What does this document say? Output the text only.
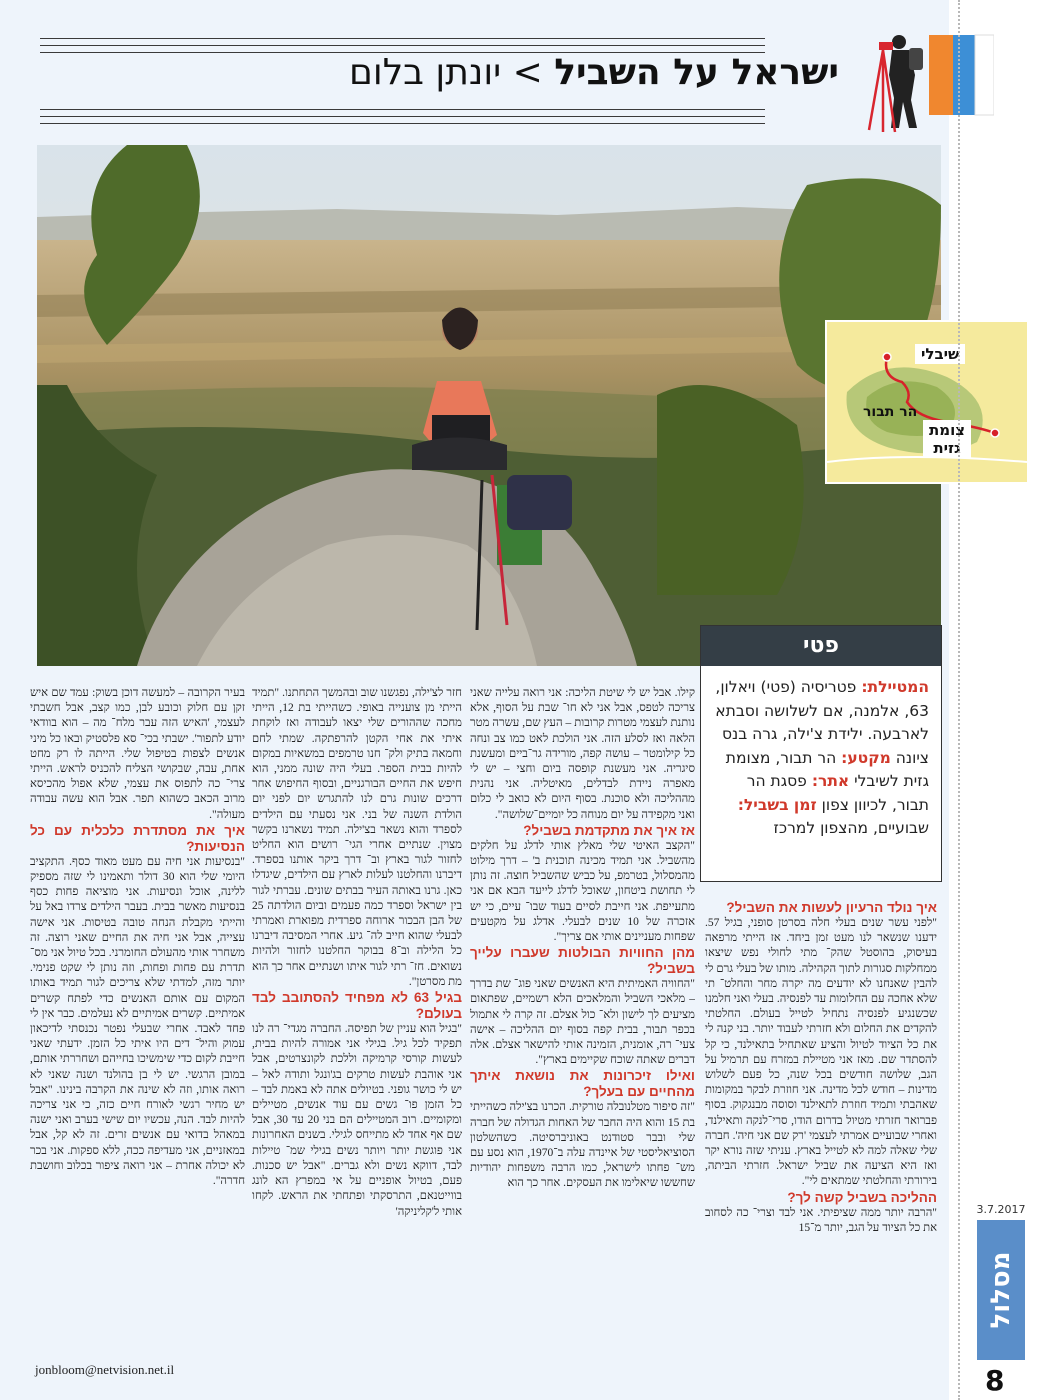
ישראל על השביל > יונתן בלום
שיבלי
הר תבור
צומת
גזית
פטי
המטיילת: פטריסיה (פטי) ויאלון, 63, אלמנה, אם לשלושה וסבתא לארבעה. ילידת צ'ילה, גרה בנס ציונה מקטע: הר תבור, מצומת גזית לשיבלי אתר: פסגת הר תבור, לכיוון צפון זמן בשביל: שבועיים, מהצפון למרכז
איך נולד הרעיון לעשות את השביל?

"לפני עשר שנים בעלי חלה בסרטן סופני, בגיל 57. ידענו שנשאר לנו מעט זמן ביחד. אז הייתי מרפאה בעיסוק, בהוסטל שהק־ מתי לחולי נפש שיצאו ממחלקות סגורות לתוך הקהילה. מותו של בעלי גרם לי להבין שאנחנו לא יודעים מה יקרה מחר והחלט־ תי שלא אחכה עם החלומות עד לפנסיה. בעלי ואני חלמנו שכשנגיע לפנסיה נתחיל לטייל בעולם. החלטתי להקדים את החלום ולא חזרתי לעבוד יותר. בני קנה לי את כל הציוד לטיול והציע שאתחיל בתאילנד, כי קל להסתדר שם. מאז אני מטיילת במזרח עם תרמיל על הגב, שלושה חודשים בכל שנה, כל פעם לשלוש מדינות – חודש לכל מדינה. אני חוזרת לבקר במקומות שאהבתי ותמיד חוזרת לתאילנד וסוסה מבנגקוק. בסוף פברואר חזרתי מטיול בדרום הודו, סרי־לנקה ותאילנד, ואחרי שבועיים אמרתי לעצמי 'רק שם אני חיה'. חברה שלי שאלה למה לא לטייל בארץ. עניתי שזה נורא יקר ואז היא הציעה את שביל ישראל. חזרתי הביתה, בירורתי והחלטתי שמתאים לי".

ההליכה בשביל קשה לך?

"הרבה יותר ממה שציפיתי. אני לבד וצרי־ כה לסחוב את כל הציוד על הגב, יותר מ־15

קילו. אבל יש לי שיטת הליכה: אני רואה עלייה שאני צריכה לטפס, אבל אני לא חו־ שבת על הסוף, אלא נותנת לעצמי מטרות קרובות – העץ שם, עשרה מטר הלאה ואז לסלע הזה. אני הולכת לאט כמו צב ונחה כל קילומטר – עושה קפה, מורידה גר־ביים ומעשנת סיגריה. אני מעשנת קופסה ביום וחצי – יש לי מאפרה ניידת לבדלים, מאיטליה. אני נהנית מההליכה ולא סוכנת. בסוף היום לא כואב לי כלום ואני מקפידה על יום מנוחה כל יומיים־שלושה".

אז איך את מתקדמת בשביל?

"הקצב האיטי שלי מאלץ אותי לדלג על חלקים מהשביל. אני תמיד מכינה תוכנית ב' – דרך מילוט מהמסלול, בטרמפ, על כביש שהשביל חוצה. זה נותן לי תחושת ביטחון, שאוכל לדלג לייעד הבא אם אני מתעייפת. אני חייבת לסיים בעוד שבו־ עיים, כי יש אזכרה של 10 שנים לבעלי. אדלג על מקטעים שפחות מעניינים אותי אם צריך".

מהן החוויות הבולטות שעברו עלייך בשביל?

"החוויה האמיתית היא האנשים שאני פוג־ שת בדרך – מלאכי השביל והמלאכים הלא רשמיים, שפתאום מציעים לך לישון ולא־ כול אצלם. זה קרה לי אתמול בכפר תבור, בבית קפה בסוף יום ההליכה – אישה צעי־ רה, אומנית, הזמינה אותי להישאר אצלם. אלה דברים שאתה שוכח שקיימים בארץ".

ואילו זיכרונות את נושאת איתך מהחיים עם בעלך?

"זה סיפור מטלנובלה טורקית. הכרנו בצ'ילה כשהייתי בת 15 והוא היה החבר של האחות הגדולה של חברה שלי ובבר סטודנט באוניברסיטה. כשהשלטון הסוציאליסטי של איינדה עלה ב־1970, הוא נסע עם מש־ פחתו לישראל, כמו הרבה משפחות יהודיות שחששו שיאלימו את העסקים. אחר כך הוא

חזר לצ'ילה, נפגשנו שוב ובהמשך התחתנו. "תמיד הייתי מן צוענייה באופי. כשהייתי בת 12, הייתי מחכה שההורים שלי יצאו לעבודה ואז לוקחת איתי את אחי הקטן להרפתקה. שמתי לחם וחמאה בתיק ולק־ חנו טרמפים במשאיות במקום להיות בבית הספר. בעלי היה שונה ממני, הוא חיפש את החיים הבורגניים, ובסוף החיפוש אחר דרכים שונות גרם לנו להתגרש יום לפני יום הולדת השנה של בני. אני נסעתי עם הילדים לספרד והוא נשאר בצ'ילה. תמיד נשארנו בקשר מצוין. שנתיים אחרי הגי־ רושים הוא החליט לחזור לגור בארץ וב־ דרך ביקר אותנו בספרד. דיברנו והחלטנו לעלות לארץ עם הילדים, שיגדלו כאן. גרנו באותה העיר בבתים שונים. עברתי לגור בין ישראל וספרד כמה פעמים וביום הולדתה 25 של הבן הבכור ארוחה ספרדית מפוארת ואמרתי לבעלי שהוא חייב לה־ גיע. אחרי המסיבה דיברנו כל הלילה וב־8 בבוקר החלטנו לחזור ולהיות נשואים. חז־ רתי לגור איתו ושנתיים אחר כך הוא מת מסרטן".

בגיל 63 לא מפחיד להסתובב לבד בעולם?

"בגיל הוא עניין של תפיסה. החברה מגדי־ רה לנו תפקיד לכל גיל. בגילי אני אמורה להיות בבית, לעשות קורסי קרמיקה וללכת לקונצרטים, אבל אני אוהבת לעשות טרקים בג'ונגל ותודה לאל – יש לי כושר גופני. בטיולים אתה לא באמת לבד – כל הזמן פו־ גשים עם עוד אנשים, מטיילים ומקומיים. רוב המטיילים הם בני 20 עד 30, אבל שם אף אחד לא מתייחס לגילי. בשנים האחרונות אני פוגשת יותר ויותר נשים בגילי שמ־ טיילות לבד, דווקא נשים ולא גברים. "אבל יש סכנות. פעם, בטיול אופניים על אי במפרץ הא לונג בווייטנאם, התרסקתי ופתחתי את הראש. לקחו אותי ל'קליניקה'

בעיר הקרובה – למעשה דוכן בשוק: עמד שם איש זקן עם חלוק וכובע לבן, כמו קצב, אבל חשבתי לעצמי, 'האיש הזה עבר מלח־ מה – הוא בוודאי יודע לתפור'. ישבתי בכי־ סא פלסטיק ובאו כל מיני אנשים לצפות בטיפול שלי. הייתה לו רק מחט אחת, עבה, שבקושי הצליח להכניס לראש. הייתי צרי־ כה לתפוס את עצמי, שלא אפול מהכיסא מרוב הכאב כשהוא תפר. אבל הוא עשה עבודה מעולה".

איך את מסתדרת כלכלית עם כל הנסיעות?

"בנסיעות אני חיה עם מעט מאוד כסף. התקציב היומי שלי הוא 30 דולר ותאמינו לי שזה מספיק ללינה, אוכל ונסיעות. אני מוציאה פחות כסף בנסיעות מאשר בבית. בעבר הילדים צרדו באל על והייתי מקבלת הנחה טובה בטיסות. אני אישה עצייה, אבל אני חיה את החיים שאני רוצה. זה משחרר אותי מהעולם החומרני. בכל טיול אני מס־ תדרת עם פחות ופחות, וזה נותן לי שקט פנימי. יותר מזה, למדתי שלא צריכים לגור תמיד באותו המקום עם אותם האנשים כדי לפתח קשרים אמיתיים. קשרים אמיתיים לא נעלמים. כבר אין לי פחד לאבד. אחרי שבעלי נפטר נכנסתי לדיכאון עמוק והיל־ דים היו איתי כל הזמן. ידעתי שאני חייבת לקום כדי שימשיכו בחייהם ושחררתי אותם, במובן הרגשי. יש לי בן בהולנד ושנה שאני לא רואה אותו, וזה לא שינה את הקרבה בינינו. "אבל יש מחיר רגשי לאורח חיים כזה, כי אני צריכה להיות לבד. הנה, עכשיו יום שישי בערב ואני ישנה במאהל בדואי עם אנשים זרים. זה לא קל, אבל במאזניים, אני מעדיפה ככה, ללא ספקות. אני בכר לא יכולה אחרת – אני רואה ציפור בכלוב וחושבת חדרה".

jonbloom@netvision.net.il
3.7.2017
מסלול
8
